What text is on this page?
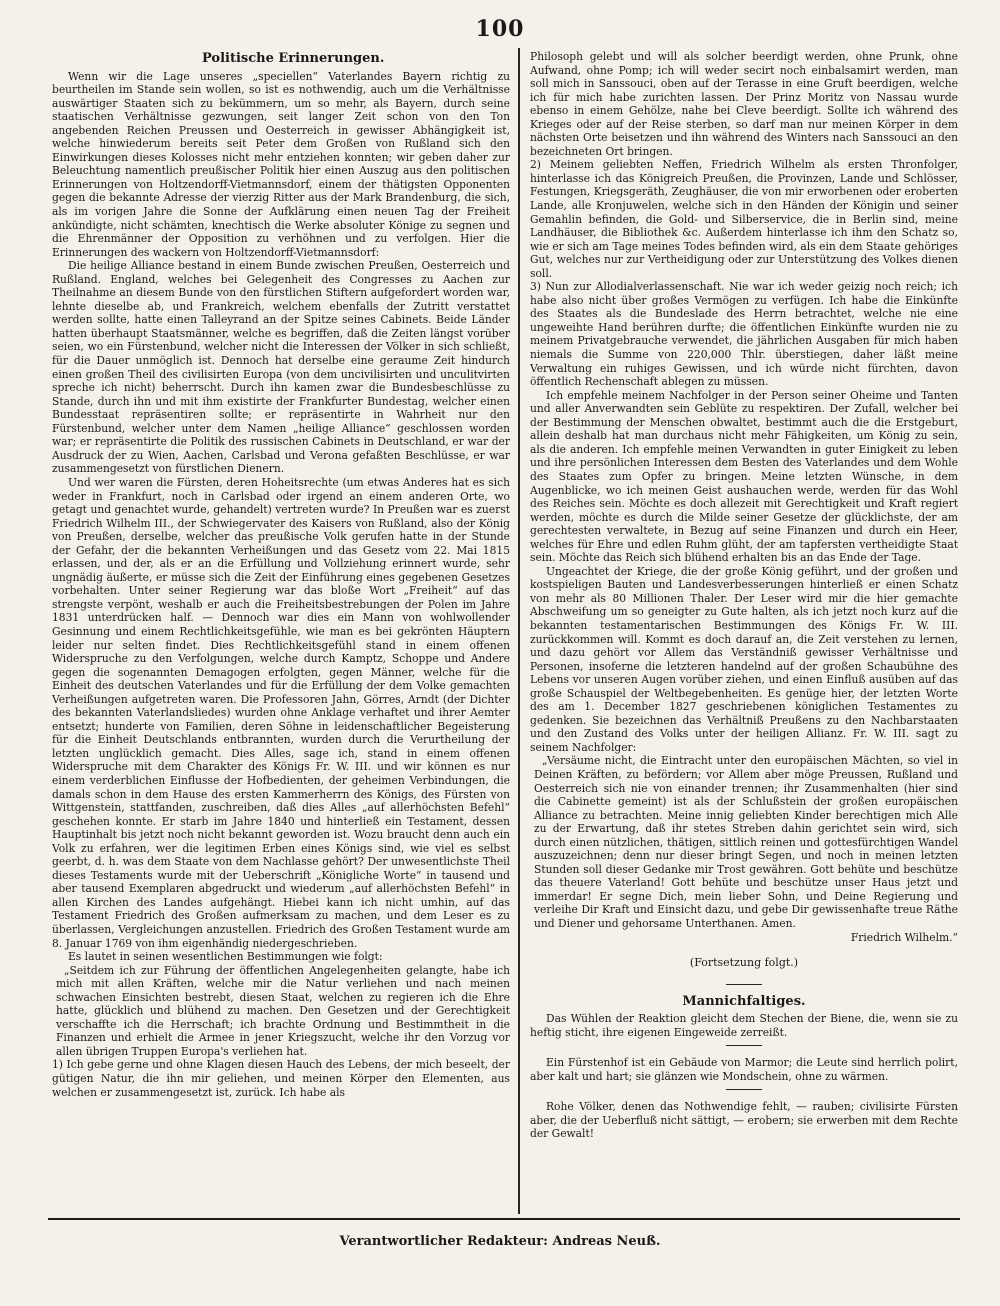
100
Politische Erinnerungen.

Wenn wir die Lage unseres „speciellen“ Vaterlandes Bayern richtig zu beurtheilen im Stande sein wollen, so ist es nothwendig, auch um die Verhältnisse auswärtiger Staaten sich zu bekümmern, um so mehr, als Bayern, durch seine staatischen Verhältnisse gezwungen, seit langer Zeit schon von den Ton angebenden Reichen Preussen und Oesterreich in gewisser Abhängigkeit ist, welche hinwiederum bereits seit Peter dem Großen von Rußland sich den Einwirkungen dieses Kolosses nicht mehr entziehen konnten; wir geben daher zur Beleuchtung namentlich preußischer Politik hier einen Auszug aus den politischen Erinnerungen von Holtzendorff-Vietmannsdorf, einem der thätigsten Opponenten gegen die bekannte Adresse der vierzig Ritter aus der Mark Brandenburg, die sich, als im vorigen Jahre die Sonne der Aufklärung einen neuen Tag der Freiheit ankündigte, nicht schämten, knechtisch die Werke absoluter Könige zu segnen und die Ehrenmänner der Opposition zu verhöhnen und zu verfolgen. Hier die Erinnerungen des wackern von Holtzendorff-Vietmannsdorf:

Die heilige Alliance bestand in einem Bunde zwischen Preußen, Oesterreich und Rußland. England, welches bei Gelegenheit des Congresses zu Aachen zur Theilnahme an diesem Bunde von den fürstlichen Stiftern aufgefordert worden war, lehnte dieselbe ab, und Frankreich, welchem ebenfalls der Zutritt verstattet werden sollte, hatte einen Talleyrand an der Spitze seines Cabinets. Beide Länder hatten überhaupt Staatsmänner, welche es begriffen, daß die Zeiten längst vorüber seien, wo ein Fürstenbund, welcher nicht die Interessen der Völker in sich schließt, für die Dauer unmöglich ist. Dennoch hat derselbe eine geraume Zeit hindurch einen großen Theil des civilisirten Europa (von dem uncivilisirten und unculitvirten spreche ich nicht) beherrscht. Durch ihn kamen zwar die Bundesbeschlüsse zu Stande, durch ihn und mit ihm existirte der Frankfurter Bundestag, welcher einen Bundesstaat repräsentiren sollte; er repräsentirte in Wahrheit nur den Fürstenbund, welcher unter dem Namen „heilige Alliance“ geschlossen worden war; er repräsentirte die Politik des russischen Cabinets in Deutschland, er war der Ausdruck der zu Wien, Aachen, Carlsbad und Verona gefaßten Beschlüsse, er war zusammengesetzt von fürstlichen Dienern.

Und wer waren die Fürsten, deren Hoheitsrechte (um etwas Anderes hat es sich weder in Frankfurt, noch in Carlsbad oder irgend an einem anderen Orte, wo getagt und genachtet wurde, gehandelt) vertreten wurde? In Preußen war es zuerst Friedrich Wilhelm III., der Schwiegervater des Kaisers von Rußland, also der König von Preußen, derselbe, welcher das preußische Volk gerufen hatte in der Stunde der Gefahr, der die bekannten Verheißungen und das Gesetz vom 22. Mai 1815 erlassen, und der, als er an die Erfüllung und Vollziehung erinnert wurde, sehr ungnädig äußerte, er müsse sich die Zeit der Einführung eines gegebenen Gesetzes vorbehalten. Unter seiner Regierung war das bloße Wort „Freiheit“ auf das strengste verpönt, weshalb er auch die Freiheitsbestrebungen der Polen im Jahre 1831 unterdrücken half. — Dennoch war dies ein Mann von wohlwollender Gesinnung und einem Rechtlichkeitsgefühle, wie man es bei gekrönten Häuptern leider nur selten findet. Dies Rechtlichkeitsgefühl stand in einem offenen Widerspruche zu den Verfolgungen, welche durch Kamptz, Schoppe und Andere gegen die sogenannten Demagogen erfolgten, gegen Männer, welche für die Einheit des deutschen Vaterlandes und für die Erfüllung der dem Volke gemachten Verheißungen aufgetreten waren. Die Professoren Jahn, Görres, Arndt (der Dichter des bekannten Vaterlandsliedes) wurden ohne Anklage verhaftet und ihrer Aemter entsetzt; hunderte von Familien, deren Söhne in leidenschaftlicher Begeisterung für die Einheit Deutschlands entbrannten, wurden durch die Verurtheilung der letzten unglücklich gemacht. Dies Alles, sage ich, stand in einem offenen Widerspruche mit dem Charakter des Königs Fr. W. III. und wir können es nur einem verderblichen Einflusse der Hofbedienten, der geheimen Verbindungen, die damals schon in dem Hause des ersten Kammerherrn des Königs, des Fürsten von Wittgenstein, stattfanden, zuschreiben, daß dies Alles „auf allerhöchsten Befehl“ geschehen konnte. Er starb im Jahre 1840 und hinterließ ein Testament, dessen Hauptinhalt bis jetzt noch nicht bekannt geworden ist. Wozu braucht denn auch ein Volk zu erfahren, wer die legitimen Erben eines Königs sind, wie viel es selbst geerbt, d. h. was dem Staate von dem Nachlasse gehört? Der unwesentlichste Theil dieses Testaments wurde mit der Ueberschrift „Königliche Worte“ in tausend und aber tausend Exemplaren abgedruckt und wiederum „auf allerhöchsten Befehl“ in allen Kirchen des Landes aufgehängt. Hiebei kann ich nicht umhin, auf das Testament Friedrich des Großen aufmerksam zu machen, und dem Leser es zu überlassen, Vergleichungen anzustellen. Friedrich des Großen Testament wurde am 8. Januar 1769 von ihm eigenhändig niedergeschrieben.

Es lautet in seinen wesentlichen Bestimmungen wie folgt:

„Seitdem ich zur Führung der öffentlichen Angelegenheiten gelangte, habe ich mich mit allen Kräften, welche mir die Natur verliehen und nach meinen schwachen Einsichten bestrebt, diesen Staat, welchen zu regieren ich die Ehre hatte, glücklich und blühend zu machen. Den Gesetzen und der Gerechtigkeit verschaffte ich die Herrschaft; ich brachte Ordnung und Bestimmtheit in die Finanzen und erhielt die Armee in jener Kriegszucht, welche ihr den Vorzug vor allen übrigen Truppen Europa's verliehen hat.

1) Ich gebe gerne und ohne Klagen diesen Hauch des Lebens, der mich beseelt, der gütigen Natur, die ihn mir geliehen, und meinen Körper den Elementen, aus welchen er zusammengesetzt ist, zurück. Ich habe als

Philosoph gelebt und will als solcher beerdigt werden, ohne Prunk, ohne Aufwand, ohne Pomp; ich will weder secirt noch einbalsamirt werden, man soll mich in Sanssouci, oben auf der Terasse in eine Gruft beerdigen, welche ich für mich habe zurichten lassen. Der Prinz Moritz von Nassau wurde ebenso in einem Gehölze, nahe bei Cleve beerdigt. Sollte ich während des Krieges oder auf der Reise sterben, so darf man nur meinen Körper in dem nächsten Orte beisetzen und ihn während des Winters nach Sanssouci an den bezeichneten Ort bringen.

2) Meinem geliebten Neffen, Friedrich Wilhelm als ersten Thronfolger, hinterlasse ich das Königreich Preußen, die Provinzen, Lande und Schlösser, Festungen, Kriegsgeräth, Zeughäuser, die von mir erworbenen oder eroberten Lande, alle Kronjuwelen, welche sich in den Händen der Königin und seiner Gemahlin befinden, die Gold- und Silberservice, die in Berlin sind, meine Landhäuser, die Bibliothek &c. Außerdem hinterlasse ich ihm den Schatz so, wie er sich am Tage meines Todes befinden wird, als ein dem Staate gehöriges Gut, welches nur zur Vertheidigung oder zur Unterstützung des Volkes dienen soll.

3) Nun zur Allodialverlassenschaft. Nie war ich weder geizig noch reich; ich habe also nicht über großes Vermögen zu verfügen. Ich habe die Einkünfte des Staates als die Bundeslade des Herrn betrachtet, welche nie eine ungeweihte Hand berühren durfte; die öffentlichen Einkünfte wurden nie zu meinem Privatgebrauche verwendet, die jährlichen Ausgaben für mich haben niemals die Summe von 220,000 Thlr. überstiegen, daher läßt meine Verwaltung ein ruhiges Gewissen, und ich würde nicht fürchten, davon öffentlich Rechenschaft ablegen zu müssen.

Ich empfehle meinem Nachfolger in der Person seiner Oheime und Tanten und aller Anverwandten sein Geblüte zu respektiren. Der Zufall, welcher bei der Bestimmung der Menschen obwaltet, bestimmt auch die die Erstgeburt, allein deshalb hat man durchaus nicht mehr Fähigkeiten, um König zu sein, als die anderen. Ich empfehle meinen Verwandten in guter Einigkeit zu leben und ihre persönlichen Interessen dem Besten des Vaterlandes und dem Wohle des Staates zum Opfer zu bringen. Meine letzten Wünsche, in dem Augenblicke, wo ich meinen Geist aushauchen werde, werden für das Wohl des Reiches sein. Möchte es doch allezeit mit Gerechtigkeit und Kraft regiert werden, möchte es durch die Milde seiner Gesetze der glücklichste, der am gerechtesten verwaltete, in Bezug auf seine Finanzen und durch ein Heer, welches für Ehre und edlen Ruhm glüht, der am tapfersten vertheidigte Staat sein. Möchte das Reich sich blühend erhalten bis an das Ende der Tage.

Ungeachtet der Kriege, die der große König geführt, und der großen und kostspieligen Bauten und Landesverbesserungen hinterließ er einen Schatz von mehr als 80 Millionen Thaler. Der Leser wird mir die hier gemachte Abschweifung um so geneigter zu Gute halten, als ich jetzt noch kurz auf die bekannten testamentarischen Bestimmungen des Königs Fr. W. III. zurückkommen will. Kommt es doch darauf an, die Zeit verstehen zu lernen, und dazu gehört vor Allem das Verständniß gewisser Verhältnisse und Personen, insoferne die letzteren handelnd auf der großen Schaubühne des Lebens vor unseren Augen vorüber ziehen, und einen Einfluß ausüben auf das große Schauspiel der Weltbegebenheiten. Es genüge hier, der letzten Worte des am 1. December 1827 geschriebenen königlichen Testamentes zu gedenken. Sie bezeichnen das Verhältniß Preußens zu den Nachbarstaaten und den Zustand des Volks unter der heiligen Allianz. Fr. W. III. sagt zu seinem Nachfolger:

„Versäume nicht, die Eintracht unter den europäischen Mächten, so viel in Deinen Kräften, zu befördern; vor Allem aber möge Preussen, Rußland und Oesterreich sich nie von einander trennen; ihr Zusammenhalten (hier sind die Cabinette gemeint) ist als der Schlußstein der großen europäischen Alliance zu betrachten. Meine innig geliebten Kinder berechtigen mich Alle zu der Erwartung, daß ihr stetes Streben dahin gerichtet sein wird, sich durch einen nützlichen, thätigen, sittlich reinen und gottesfürchtigen Wandel auszuzeichnen; denn nur dieser bringt Segen, und noch in meinen letzten Stunden soll dieser Gedanke mir Trost gewähren. Gott behüte und beschütze das theuere Vaterland! Gott behüte und beschütze unser Haus jetzt und immerdar! Er segne Dich, mein lieber Sohn, und Deine Regierung und verleihe Dir Kraft und Einsicht dazu, und gebe Dir gewissenhafte treue Räthe und Diener und gehorsame Unterthanen. Amen.

Friedrich Wilhelm.“

(Fortsetzung folgt.)
Mannichfaltiges.

Das Wühlen der Reaktion gleicht dem Stechen der Biene, die, wenn sie zu heftig sticht, ihre eigenen Eingeweide zerreißt.

Ein Fürstenhof ist ein Gebäude von Marmor; die Leute sind herrlich polirt, aber kalt und hart; sie glänzen wie Mondschein, ohne zu wärmen.

Rohe Völker, denen das Nothwendige fehlt, — rauben; civilisirte Fürsten aber, die der Ueberfluß nicht sättigt, — erobern; sie erwerben mit dem Rechte der Gewalt!

Verantwortlicher Redakteur: Andreas Neuß.
